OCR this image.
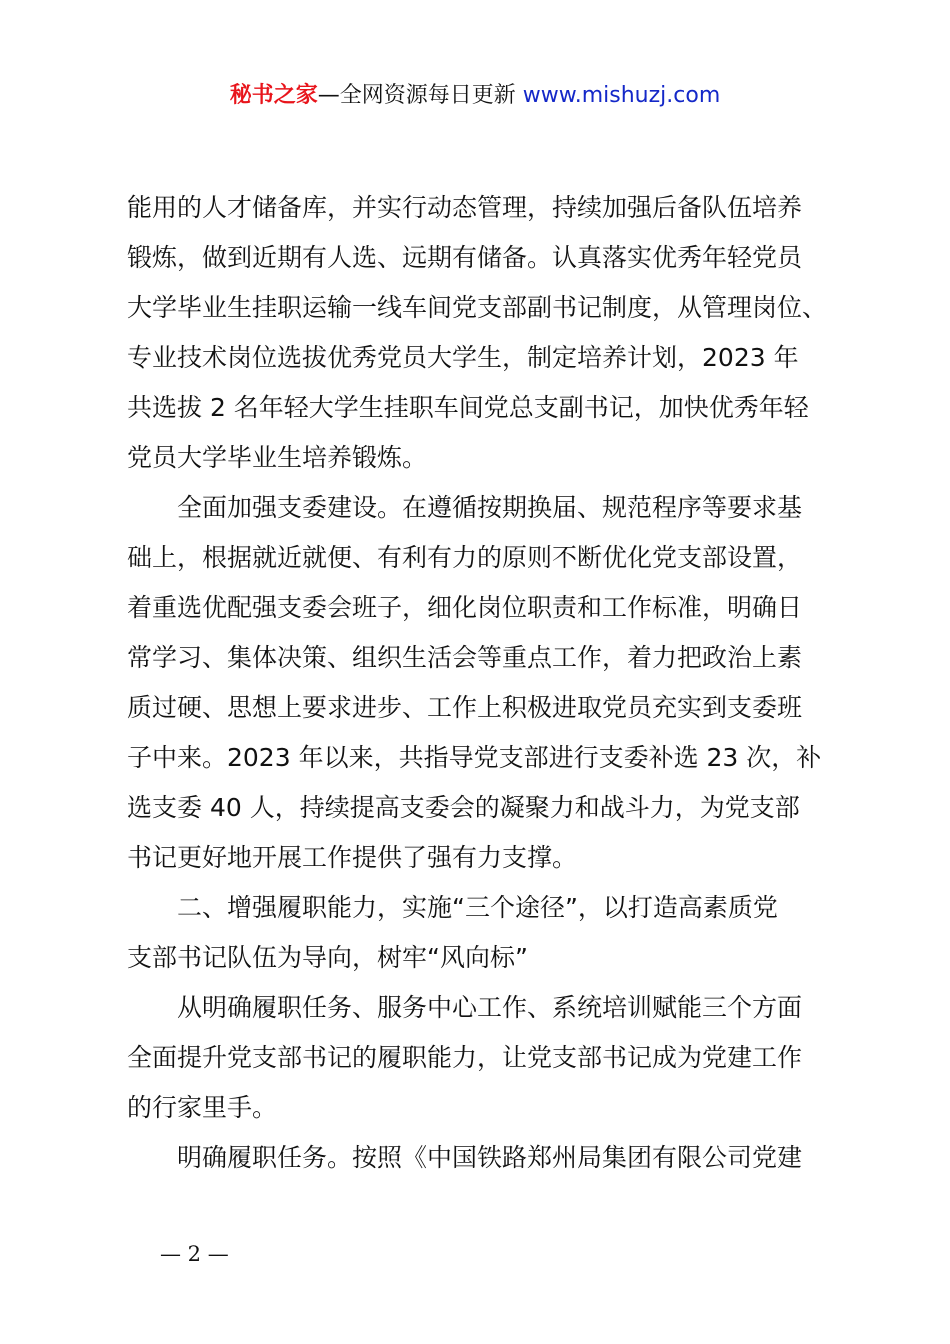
秘书之家—全网资源每日更新 www.mishuzj.com
能用的人才储备库，并实行动态管理，持续加强后备队伍培养
锻炼，做到近期有人选、远期有储备。认真落实优秀年轻党员
大学毕业生挂职运输一线车间党支部副书记制度，从管理岗位、
专业技术岗位选拔优秀党员大学生，制定培养计划，2023 年
共选拔 2 名年轻大学生挂职车间党总支副书记，加快优秀年轻
党员大学毕业生培养锻炼。
　　全面加强支委建设。在遵循按期换届、规范程序等要求基
础上，根据就近就便、有利有力的原则不断优化党支部设置，
着重选优配强支委会班子，细化岗位职责和工作标准，明确日
常学习、集体决策、组织生活会等重点工作，着力把政治上素
质过硬、思想上要求进步、工作上积极进取党员充实到支委班
子中来。2023 年以来，共指导党支部进行支委补选 23 次，补
选支委 40 人，持续提高支委会的凝聚力和战斗力，为党支部
书记更好地开展工作提供了强有力支撑。
　　二、增强履职能力，实施“三个途径”，以打造高素质党
支部书记队伍为导向，树牢“风向标”
　　从明确履职任务、服务中心工作、系统培训赋能三个方面
全面提升党支部书记的履职能力，让党支部书记成为党建工作
的行家里手。
　　明确履职任务。按照《中国铁路郑州局集团有限公司党建
— 2 —
